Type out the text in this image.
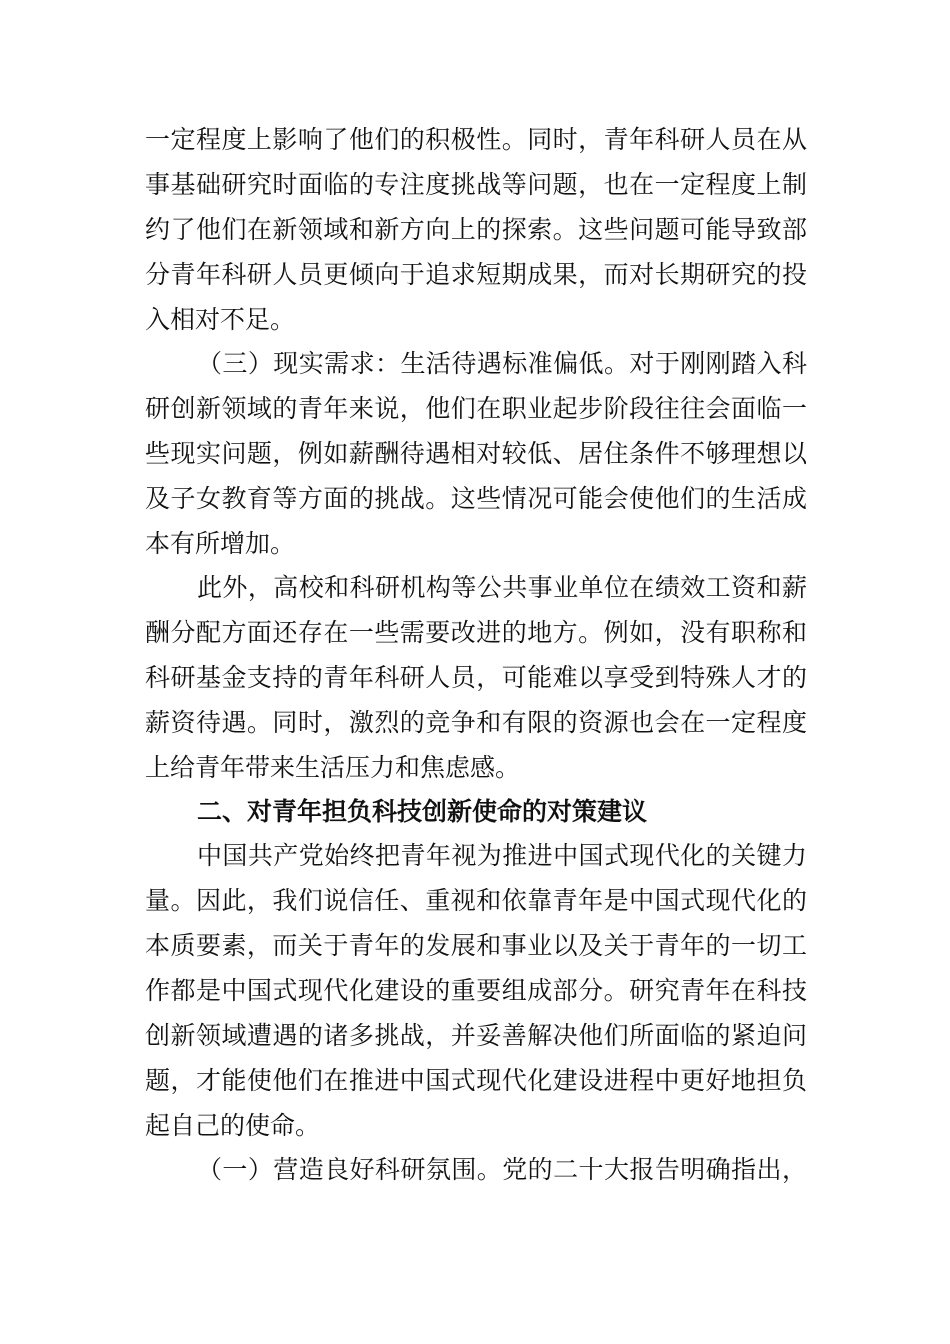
一定程度上影响了他们的积极性。同时，青年科研人员在从
事基础研究时面临的专注度挑战等问题，也在一定程度上制
约了他们在新领域和新方向上的探索。这些问题可能导致部
分青年科研人员更倾向于追求短期成果，而对长期研究的投
入相对不足。
（三）现实需求：生活待遇标准偏低。对于刚刚踏入科
研创新领域的青年来说，他们在职业起步阶段往往会面临一
些现实问题，例如薪酬待遇相对较低、居住条件不够理想以
及子女教育等方面的挑战。这些情况可能会使他们的生活成
本有所增加。
此外，高校和科研机构等公共事业单位在绩效工资和薪
酬分配方面还存在一些需要改进的地方。例如，没有职称和
科研基金支持的青年科研人员，可能难以享受到特殊人才的
薪资待遇。同时，激烈的竞争和有限的资源也会在一定程度
上给青年带来生活压力和焦虑感。
二、对青年担负科技创新使命的对策建议
中国共产党始终把青年视为推进中国式现代化的关键力
量。因此，我们说信任、重视和依靠青年是中国式现代化的
本质要素，而关于青年的发展和事业以及关于青年的一切工
作都是中国式现代化建设的重要组成部分。研究青年在科技
创新领域遭遇的诸多挑战，并妥善解决他们所面临的紧迫问
题，才能使他们在推进中国式现代化建设进程中更好地担负
起自己的使命。
（一）营造良好科研氛围。党的二十大报告明确指出，
